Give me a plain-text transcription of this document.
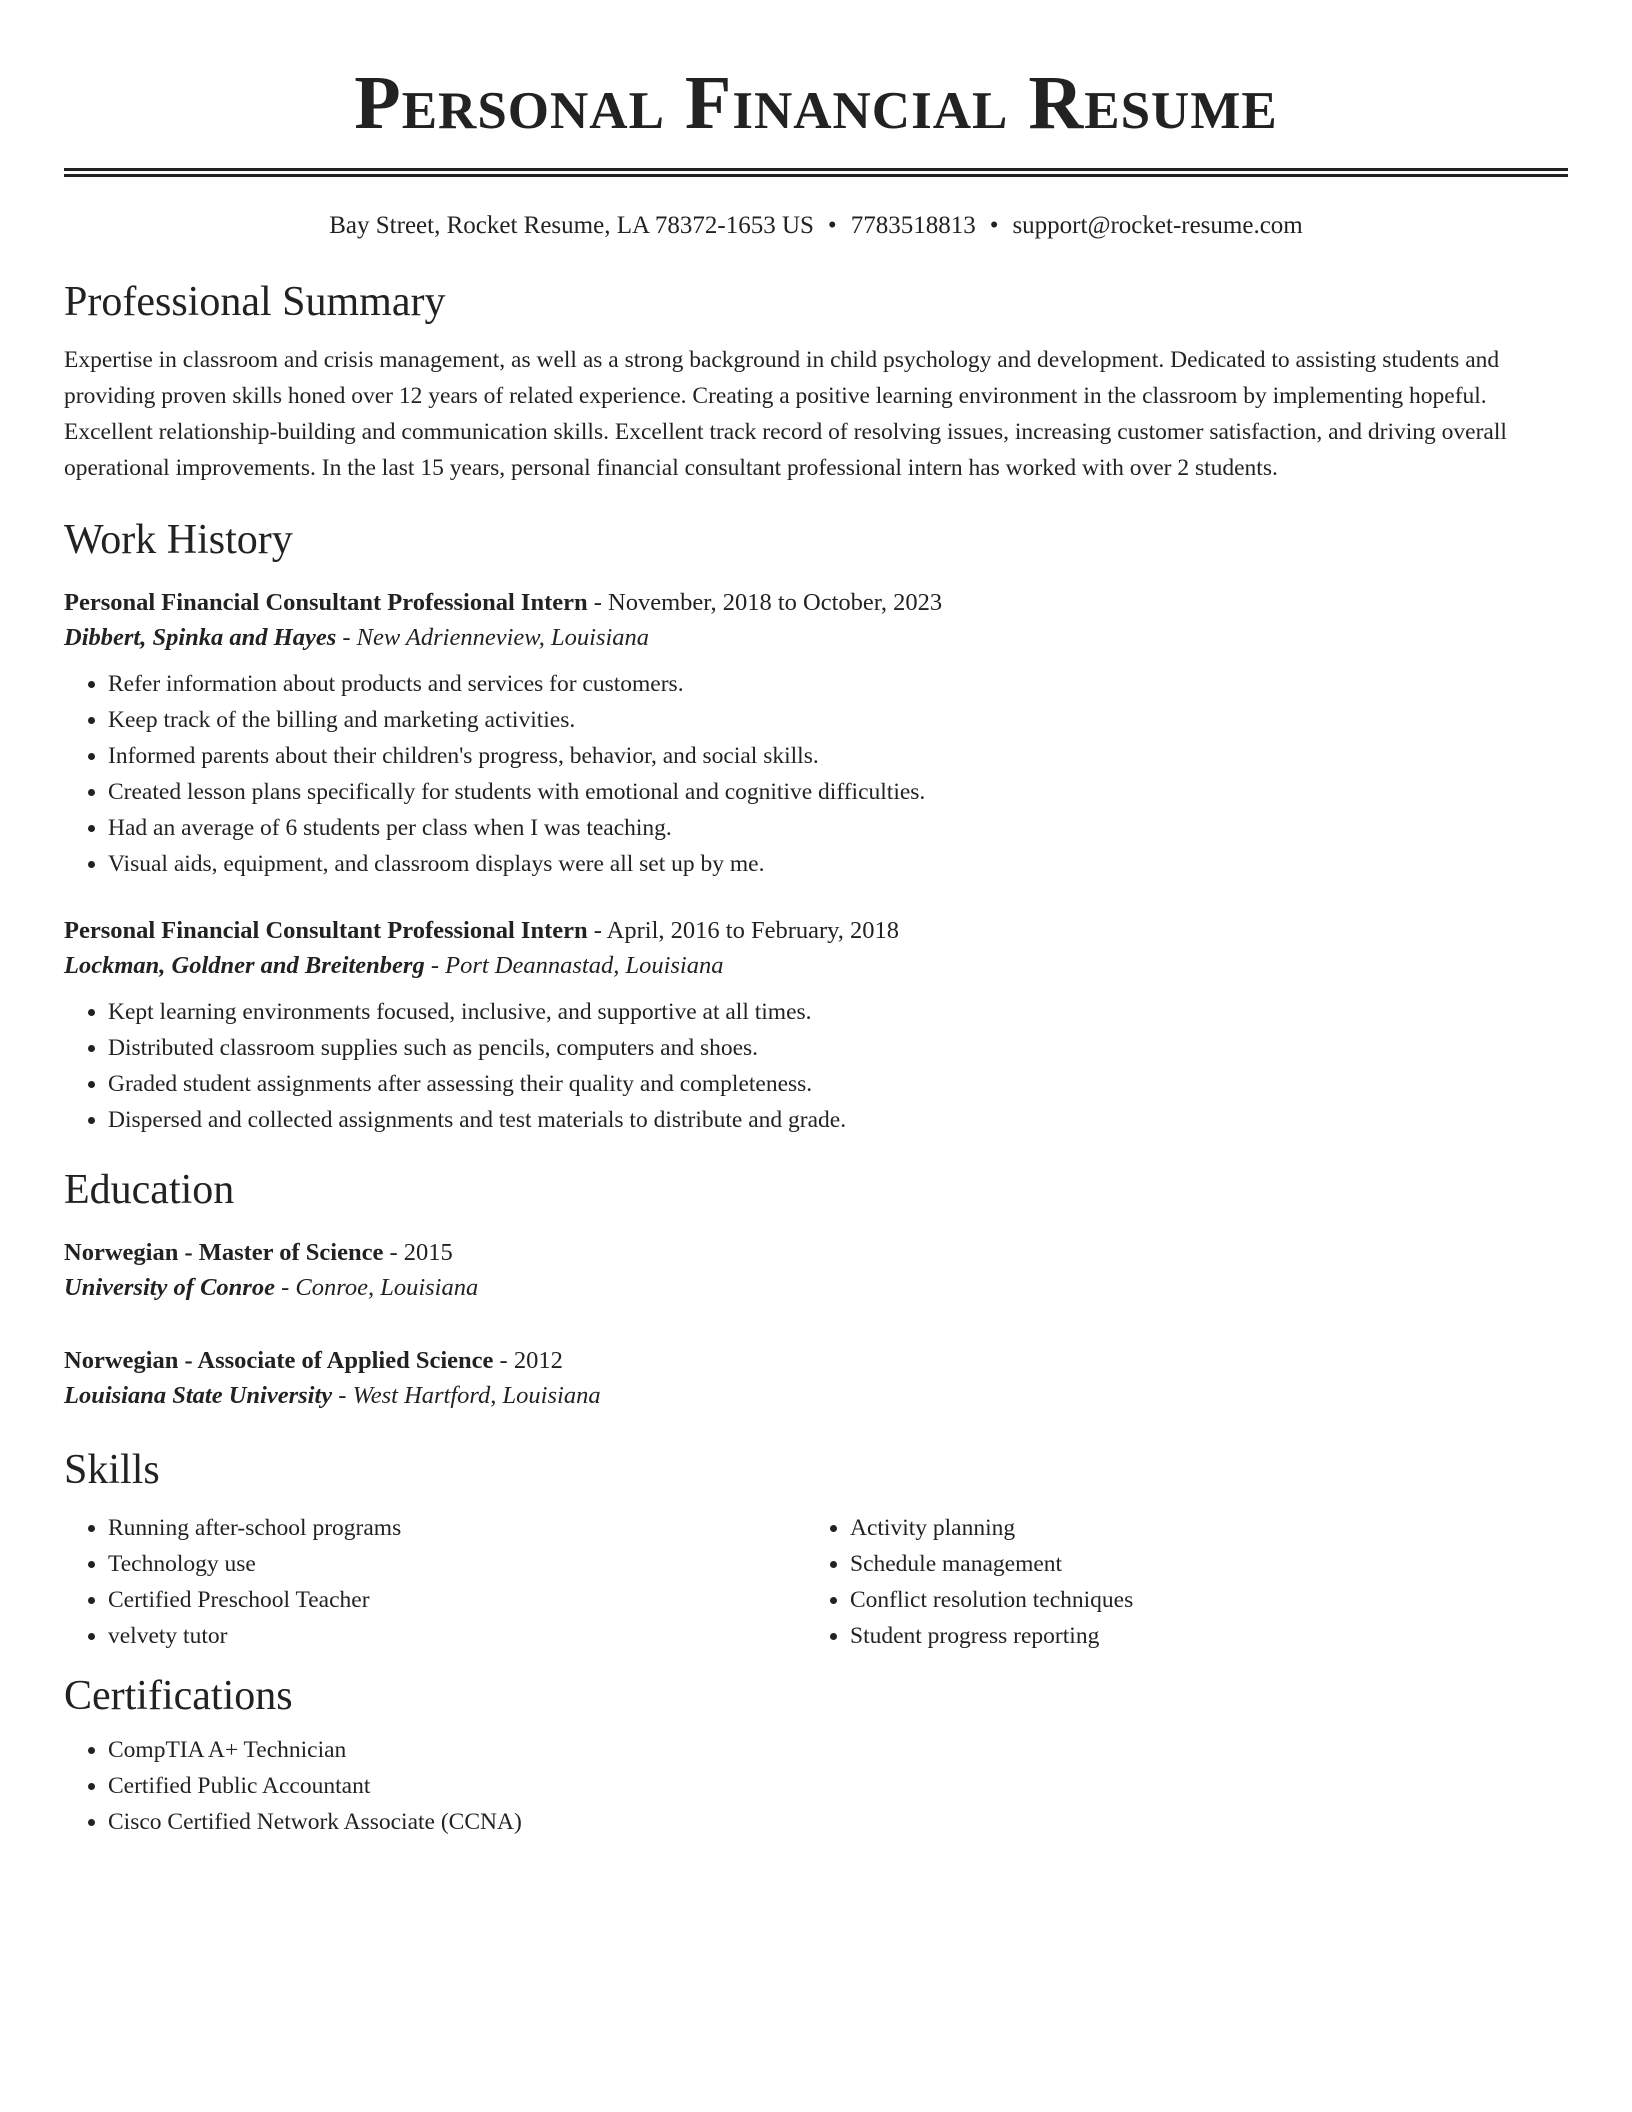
Personal Financial Resume
Bay Street, Rocket Resume, LA 78372-1653 US • 7783518813 • support@rocket-resume.com
Professional Summary

Expertise in classroom and crisis management, as well as a strong background in child psychology and development. Dedicated to assisting students and providing proven skills honed over 12 years of related experience. Creating a positive learning environment in the classroom by implementing hopeful. Excellent relationship-building and communication skills. Excellent track record of resolving issues, increasing customer satisfaction, and driving overall operational improvements. In the last 15 years, personal financial consultant professional intern has worked with over 2 students.

Work History
Personal Financial Consultant Professional Intern - November, 2018 to October, 2023
Dibbert, Spinka and Hayes - New Adrienneview, Louisiana
• Refer information about products and services for customers.
• Keep track of the billing and marketing activities.
• Informed parents about their children's progress, behavior, and social skills.
• Created lesson plans specifically for students with emotional and cognitive difficulties.
• Had an average of 6 students per class when I was teaching.
• Visual aids, equipment, and classroom displays were all set up by me.
Personal Financial Consultant Professional Intern - April, 2016 to February, 2018
Lockman, Goldner and Breitenberg - Port Deannastad, Louisiana
• Kept learning environments focused, inclusive, and supportive at all times.
• Distributed classroom supplies such as pencils, computers and shoes.
• Graded student assignments after assessing their quality and completeness.
• Dispersed and collected assignments and test materials to distribute and grade.
Education
Norwegian - Master of Science - 2015
University of Conroe - Conroe, Louisiana
Norwegian - Associate of Applied Science - 2012
Louisiana State University - West Hartford, Louisiana
Skills
• Running after-school programs
• Technology use
• Certified Preschool Teacher
• velvety tutor
• Activity planning
• Schedule management
• Conflict resolution techniques
• Student progress reporting
Certifications
• CompTIA A+ Technician
• Certified Public Accountant
• Cisco Certified Network Associate (CCNA)
